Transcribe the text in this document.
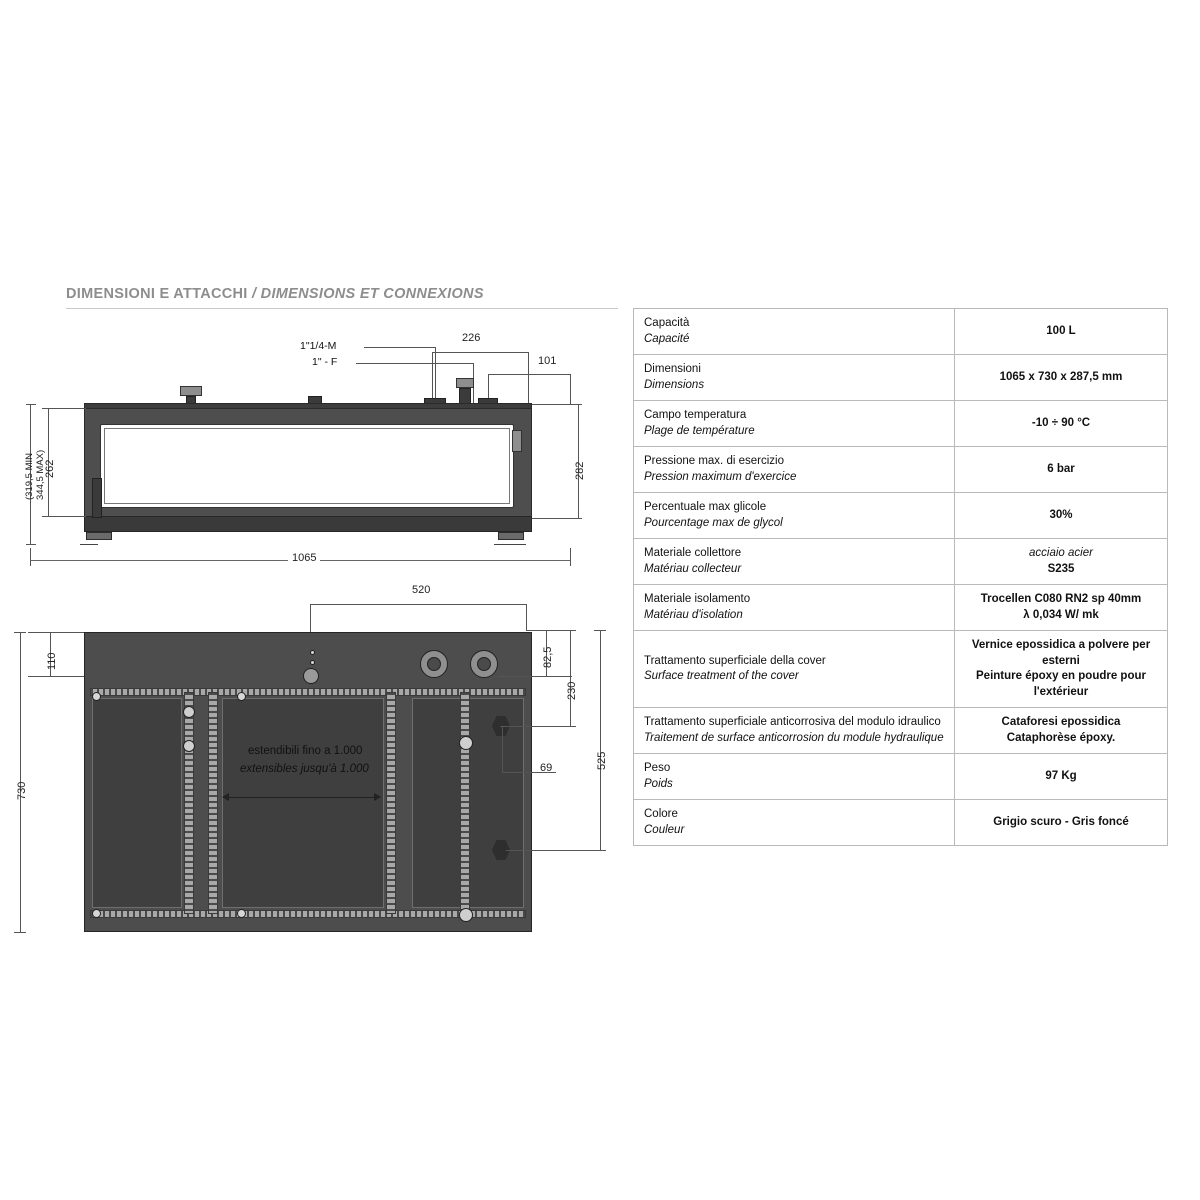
DIMENSIONI E ATTACCHI / DIMENSIONS ET CONNEXIONS
1"1/4-M
1" - F
226
101
282
262
(319,5 MIN 344,5 MAX)
1065
520
730
110
estendibili fino a 1.000
extensibles jusqu'à 1.000
82,5
230
525
69
Capacità
Capacité	100 L

Dimensioni
Dimensions	1065 x 730 x 287,5 mm

Campo temperatura
Plage de température	-10 ÷ 90 °C

Pressione max. di esercizio
Pression maximum d'exercice	6 bar

Percentuale max glicole
Pourcentage max de glycol	30%

Materiale collettore
Matériau collecteur	acciaio acier
S235

Materiale isolamento
Matériau d'isolation	Trocellen C080 RN2 sp 40mm
λ 0,034 W/ mk

Trattamento superficiale della cover
Surface treatment of the cover	Vernice epossidica a polvere per esterni
Peinture époxy en poudre pour
l'extérieur

Trattamento superficiale anticorrosiva del modulo idraulico
Traitement de surface anticorrosion du module hydraulique	Cataforesi epossidica
Cataphorèse époxy.

Peso
Poids	97 Kg

Colore
Couleur	Grigio scuro - Gris foncé
